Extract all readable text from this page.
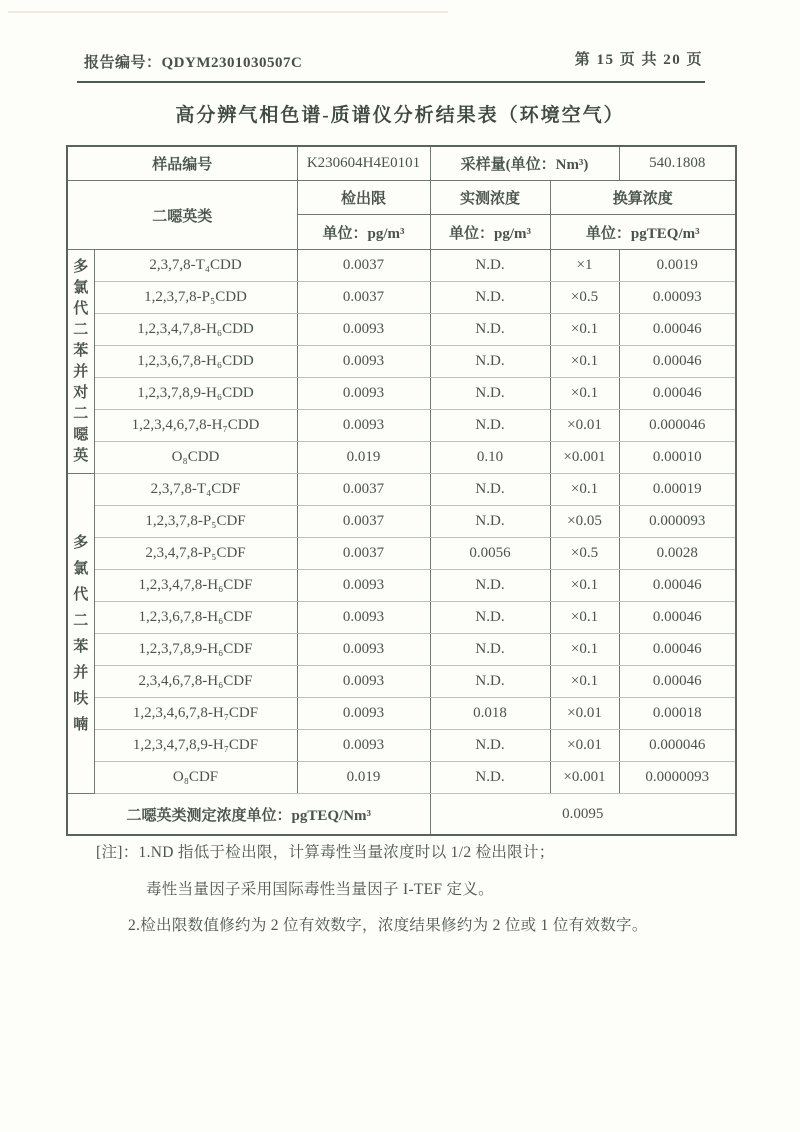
报告编号：QDYM2301030507C	第 15 页 共 20 页
高分辨气相色谱-质谱仪分析结果表（环境空气）
样品编号		K230604H4E0101	采样量(单位：Nm³)		540.1808
二噁英类		检出限	实测浓度	换算浓度	
		单位：pg/m³	单位：pg/m³	单位：pgTEQ/m³	
多氯代二苯并对二噁英	2,3,7,8-T₄CDD	0.0037	N.D.	×1	0.0019
	1,2,3,7,8-P₅CDD	0.0037	N.D.	×0.5	0.00093
	1,2,3,4,7,8-H₆CDD	0.0093	N.D.	×0.1	0.00046
	1,2,3,6,7,8-H₆CDD	0.0093	N.D.	×0.1	0.00046
	1,2,3,7,8,9-H₆CDD	0.0093	N.D.	×0.1	0.00046
	1,2,3,4,6,7,8-H₇CDD	0.0093	N.D.	×0.01	0.000046
	O₈CDD	0.019	0.10	×0.001	0.00010
多氯代二苯并呋喃	2,3,7,8-T₄CDF	0.0037	N.D.	×0.1	0.00019
	1,2,3,7,8-P₅CDF	0.0037	N.D.	×0.05	0.000093
	2,3,4,7,8-P₅CDF	0.0037	0.0056	×0.5	0.0028
	1,2,3,4,7,8-H₆CDF	0.0093	N.D.	×0.1	0.00046
	1,2,3,6,7,8-H₆CDF	0.0093	N.D.	×0.1	0.00046
	1,2,3,7,8,9-H₆CDF	0.0093	N.D.	×0.1	0.00046
	2,3,4,6,7,8-H₆CDF	0.0093	N.D.	×0.1	0.00046
	1,2,3,4,6,7,8-H₇CDF	0.0093	0.018	×0.01	0.00018
	1,2,3,4,7,8,9-H₇CDF	0.0093	N.D.	×0.01	0.000046
	O₈CDF	0.019	N.D.	×0.001	0.0000093
二噁英类测定浓度单位：pgTEQ/Nm³			0.0095		

[注]：1.ND 指低于检出限，计算毒性当量浓度时以 1/2 检出限计；

毒性当量因子采用国际毒性当量因子 I-TEF 定义。

2.检出限数值修约为 2 位有效数字，浓度结果修约为 2 位或 1 位有效数字。
